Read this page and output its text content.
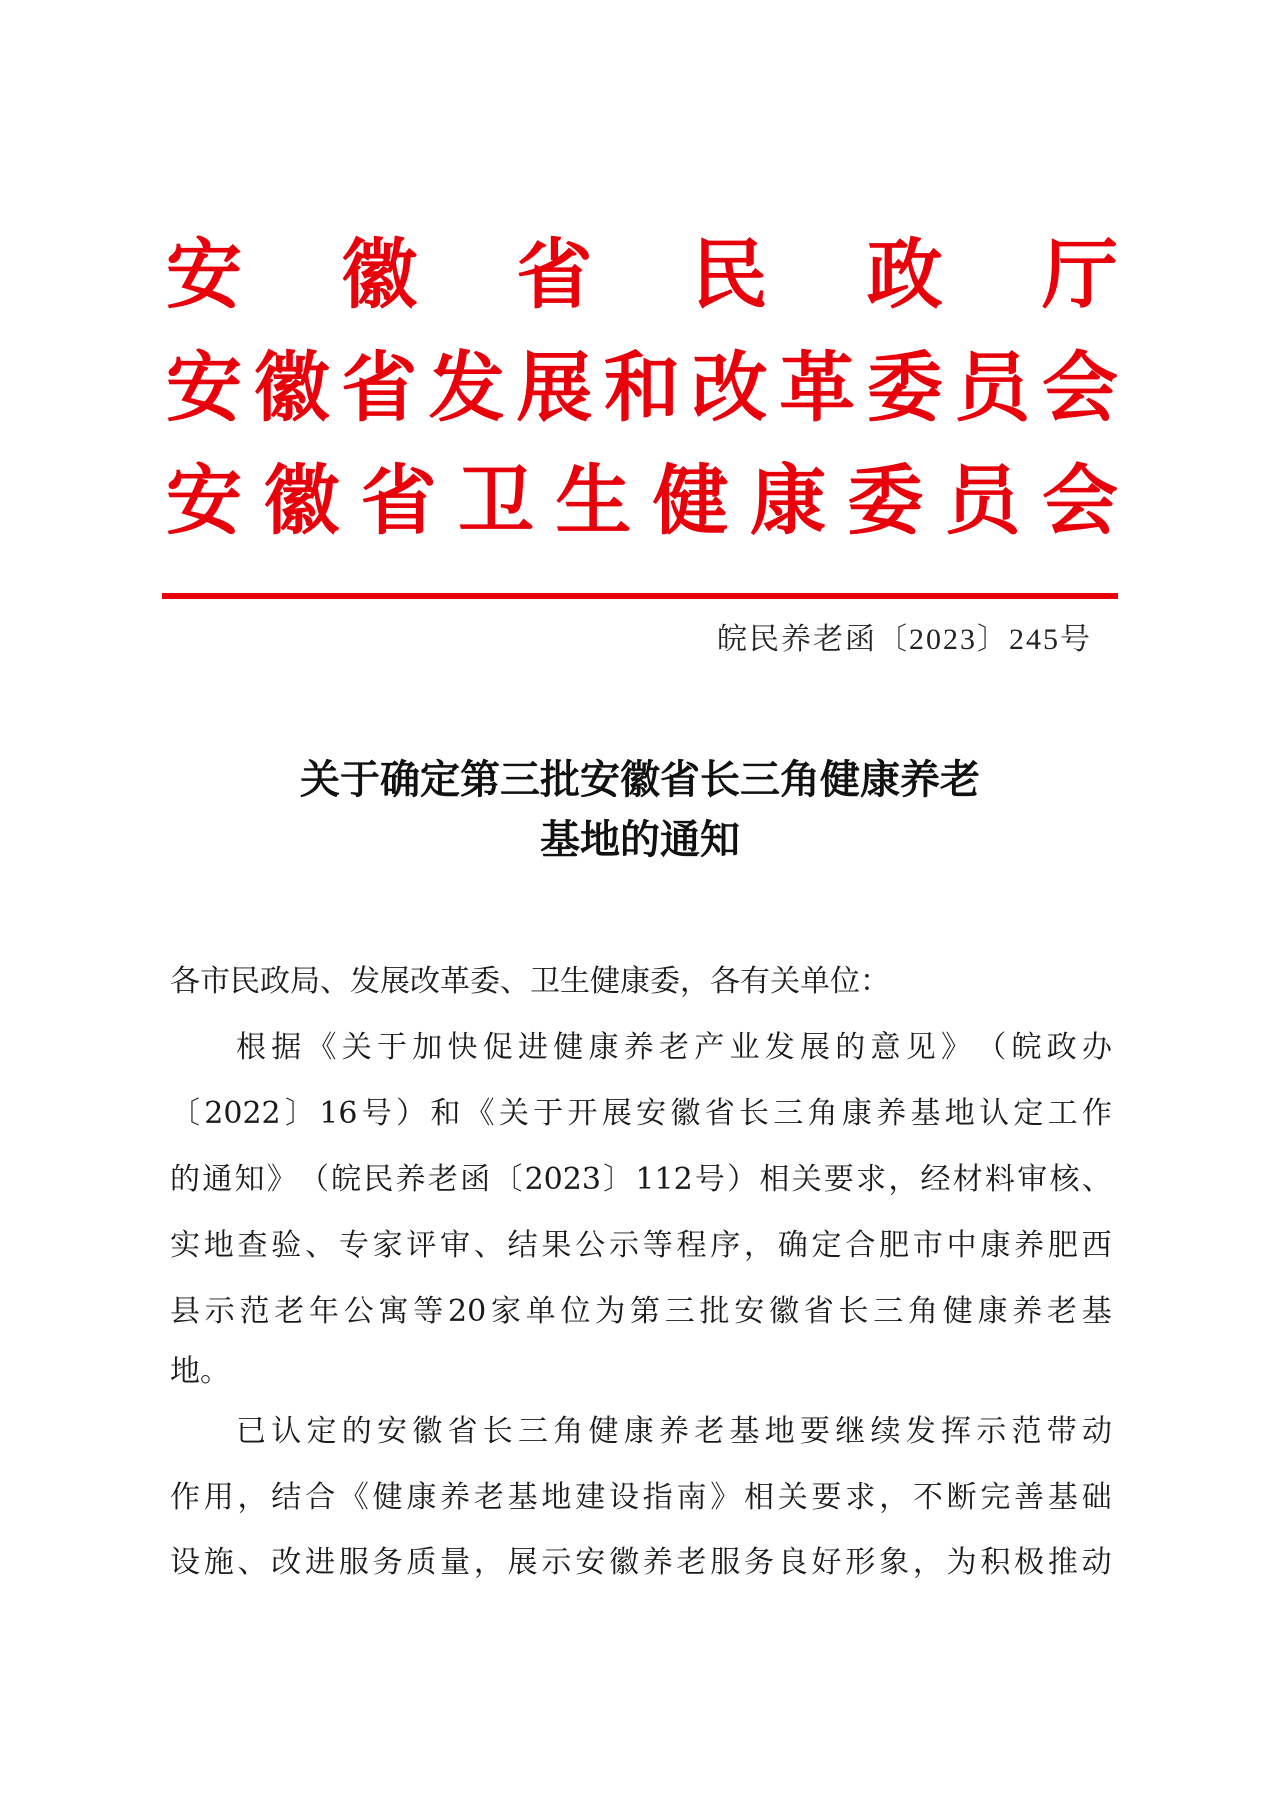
安 徽 省 民 政 厅
安 徽 省 发 展 和 改 革 委 员 会
安 徽 省 卫 生 健 康 委 员 会
皖民养老函〔2023〕245号
关于确定第三批安徽省长三角健康养老
基地的通知
各市民政局、发展改革委、卫生健康委，各有关单位：
根 据 《 关 于 加 快 促 进 健 康 养 老 产 业 发 展 的 意 见 》 （ 皖 政 办
〔 2022 〕 16 号 ） 和 《 关 于 开 展 安 徽 省 长 三 角 康 养 基 地 认 定 工 作
的 通 知 》 （ 皖 民 养 老 函 〔 2023 〕 112 号 ） 相 关 要 求 ， 经 材 料 审 核 、
实 地 查 验 、 专 家 评 审 、 结 果 公 示 等 程 序 ， 确 定 合 肥 市 中 康 养 肥 西
县 示 范 老 年 公 寓 等 20 家 单 位 为 第 三 批 安 徽 省 长 三 角 健 康 养 老 基
地。
已 认 定 的 安 徽 省 长 三 角 健 康 养 老 基 地 要 继 续 发 挥 示 范 带 动
作 用 ， 结 合 《 健 康 养 老 基 地 建 设 指 南 》 相 关 要 求 ， 不 断 完 善 基 础
设 施 、 改 进 服 务 质 量 ， 展 示 安 徽 养 老 服 务 良 好 形 象 ， 为 积 极 推 动
